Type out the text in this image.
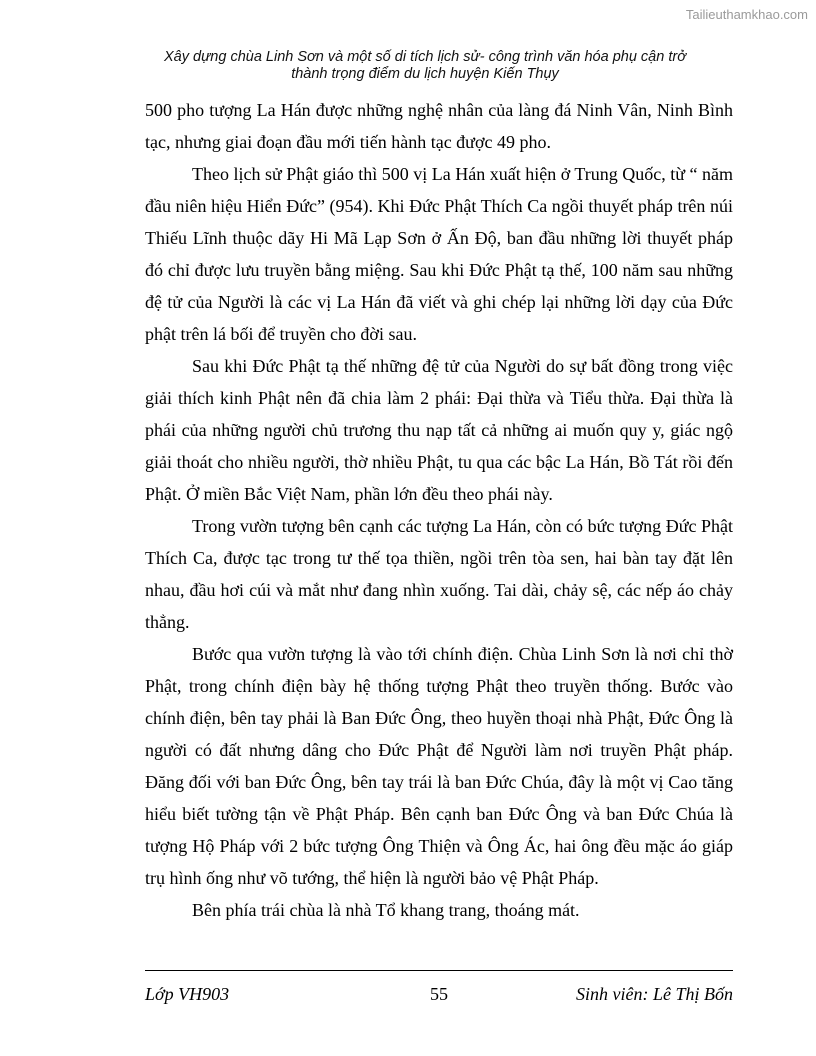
Tailieuthamkhao.com
Xây dựng chùa Linh Sơn và một số di tích lịch sử- công trình văn hóa phụ cận trở
thành trọng điểm du lịch huyện Kiến Thụy

500 pho tượng La Hán được những nghệ nhân của làng đá Ninh Vân, Ninh Bình tạc, nhưng giai đoạn đầu mới tiến hành tạc được 49 pho.

Theo lịch sử Phật giáo thì 500 vị La Hán xuất hiện ở Trung Quốc, từ “ năm đầu niên hiệu Hiển Đức” (954). Khi Đức Phật Thích Ca ngồi thuyết pháp trên núi Thiếu Lĩnh thuộc dãy Hi Mã Lạp Sơn ở Ấn Độ, ban đầu những lời thuyết pháp đó chỉ được lưu truyền bằng miệng. Sau khi Đức Phật tạ thế, 100 năm sau những đệ tử của Người là các vị La Hán đã viết và ghi chép lại những lời dạy của Đức phật trên lá bối để truyền cho đời sau.

Sau khi Đức Phật tạ thế những đệ tử của Người do sự bất đồng trong việc giải thích kinh Phật nên đã chia làm 2 phái: Đại thừa và Tiểu thừa. Đại thừa là phái của những người chủ trương thu nạp tất cả những ai muốn quy y, giác ngộ giải thoát cho nhiều người, thờ nhiều Phật, tu qua các bậc La Hán, Bồ Tát rồi đến Phật. Ở miền Bắc Việt Nam, phần lớn đều theo phái này.

Trong vườn tượng bên cạnh các tượng La Hán, còn có bức tượng Đức Phật Thích Ca, được tạc trong tư thế tọa thiền, ngồi trên tòa sen, hai bàn tay đặt lên nhau, đầu hơi cúi và mắt như đang nhìn xuống. Tai dài, chảy sệ, các nếp áo chảy thẳng.

Bước qua vườn tượng là vào tới chính điện. Chùa Linh Sơn là nơi chỉ thờ Phật, trong chính điện bày hệ thống tượng Phật theo truyền thống. Bước vào chính điện, bên tay phải là Ban Đức Ông, theo huyền thoại nhà Phật, Đức Ông là người có đất nhưng dâng cho Đức Phật để Người làm nơi truyền Phật pháp. Đăng đối với ban Đức Ông, bên tay trái là ban Đức Chúa, đây là một vị Cao tăng hiểu biết tường tận về Phật Pháp. Bên cạnh ban Đức Ông và ban Đức Chúa là tượng Hộ Pháp với 2 bức tượng Ông Thiện và Ông Ác, hai ông đều mặc áo giáp trụ hình ống như võ tướng, thể hiện là người bảo vệ Phật Pháp.

Bên phía trái chùa là nhà Tổ khang trang, thoáng mát.

Lớp VH903	55	Sinh viên: Lê Thị Bốn
